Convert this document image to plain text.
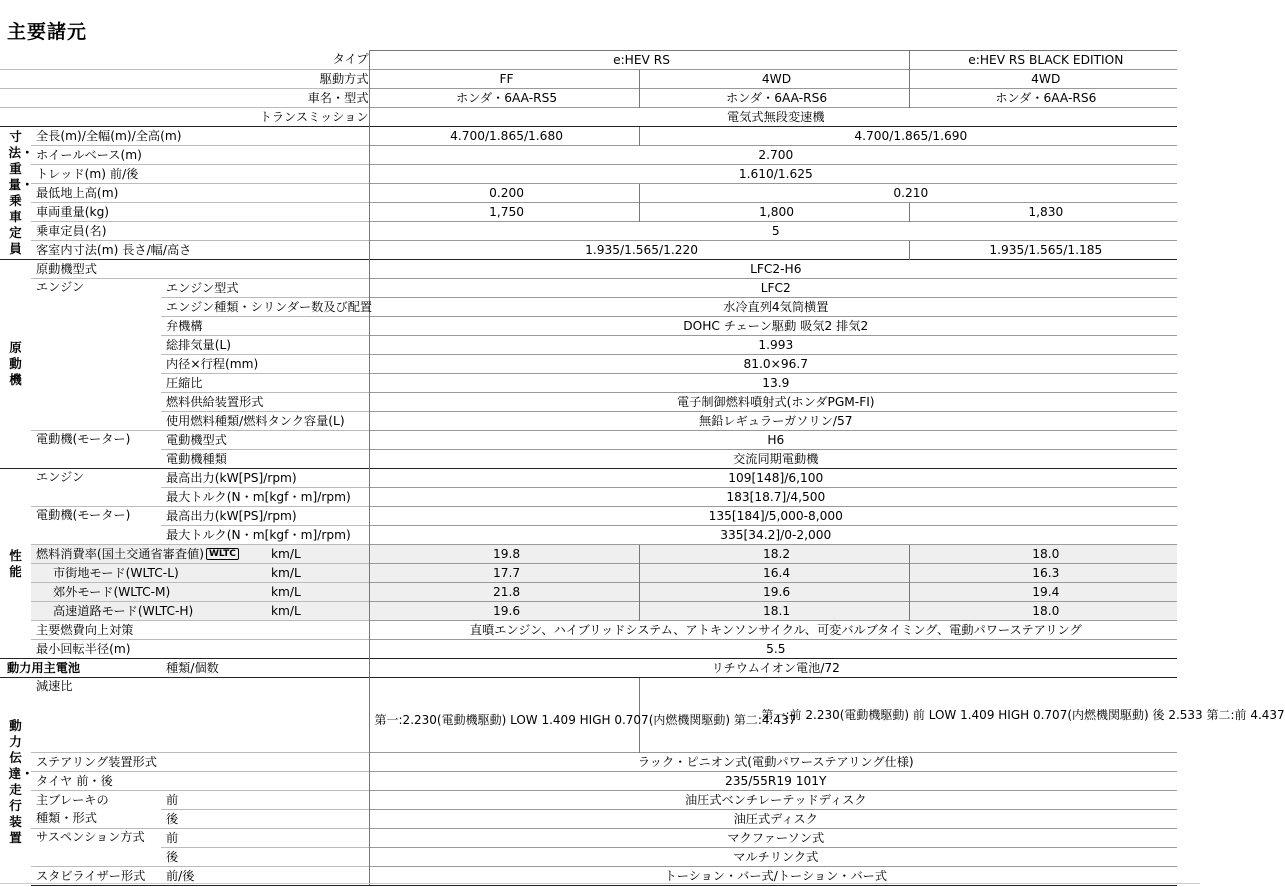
主要諸元
タイプ				e:HEV RS		e:HEV RS BLACK EDITION
駆動方式				FF	4WD	4WD
車名・型式				ホンダ・6AA-RS5	ホンダ・6AA-RS6	ホンダ・6AA-RS6
トランスミッション				電気式無段変速機		
寸法・重量・乗車定員	全長(m)/全幅(m)/全高(m)			4.700/1.865/1.680	4.700/1.865/1.690	
	ホイールベース(m)			2.700		
	トレッド(m) 前/後			1.610/1.625		
	最低地上高(m)			0.200	0.210	
	車両重量(kg)			1,750	1,800	1,830
	乗車定員(名)			5		
	客室内寸法(m) 長さ/幅/高さ			1.935/1.565/1.220		1.935/1.565/1.185
原動機	原動機型式			LFC2-H6		
	エンジン	エンジン型式		LFC2		
		エンジン種類・シリンダー数及び配置		水冷直列4気筒横置		
		弁機構		DOHC チェーン駆動 吸気2 排気2		
		総排気量(L)		1.993		
		内径×行程(mm)		81.0×96.7		
		圧縮比		13.9		
		燃料供給装置形式		電子制御燃料噴射式(ホンダPGM-FI)		
		使用燃料種類/燃料タンク容量(L)		無鉛レギュラーガソリン/57		
	電動機(モーター)	電動機型式		H6		
		電動機種類		交流同期電動機		
性能	エンジン	最高出力(kW[PS]/rpm)		109[148]/6,100		
		最大トルク(N・m[kgf・m]/rpm)		183[18.7]/4,500		
	電動機(モーター)	最高出力(kW[PS]/rpm)		135[184]/5,000-8,000		
		最大トルク(N・m[kgf・m]/rpm)		335[34.2]/0-2,000		
	燃料消費率(国土交通省審査値) WLTC		km/L	19.8	18.2	18.0
	市街地モード(WLTC-L)		km/L	17.7	16.4	16.3
	郊外モード(WLTC-M)		km/L	21.8	19.6	19.4
	高速道路モード(WLTC-H)		km/L	19.6	18.1	18.0
	主要燃費向上対策			直噴エンジン、ハイブリッドシステム、アトキンソンサイクル、可変バルブタイミング、電動パワーステアリング		
	最小回転半径(m)			5.5		
動力用主電池		種類/個数		リチウムイオン電池/72		
動力伝達・走行装置	減速比			第一:2.230(電動機駆動) LOW 1.409 HIGH 0.707(内燃機関駆動) 第二:4.437	第一:前 2.230(電動機駆動) 前 LOW 1.409 HIGH 0.707(内燃機関駆動) 後 2.533 第二:前 4.437	
	ステアリング装置形式			ラック・ピニオン式(電動パワーステアリング仕様)		
	タイヤ 前・後			235/55R19 101Y		
	主ブレーキの	前		油圧式ベンチレーテッドディスク		
	種類・形式	後		油圧式ディスク		
	サスペンション方式	前		マクファーソン式		
		後		マルチリンク式		
	スタビライザー形式	前/後		トーション・バー式/トーション・バー式		
